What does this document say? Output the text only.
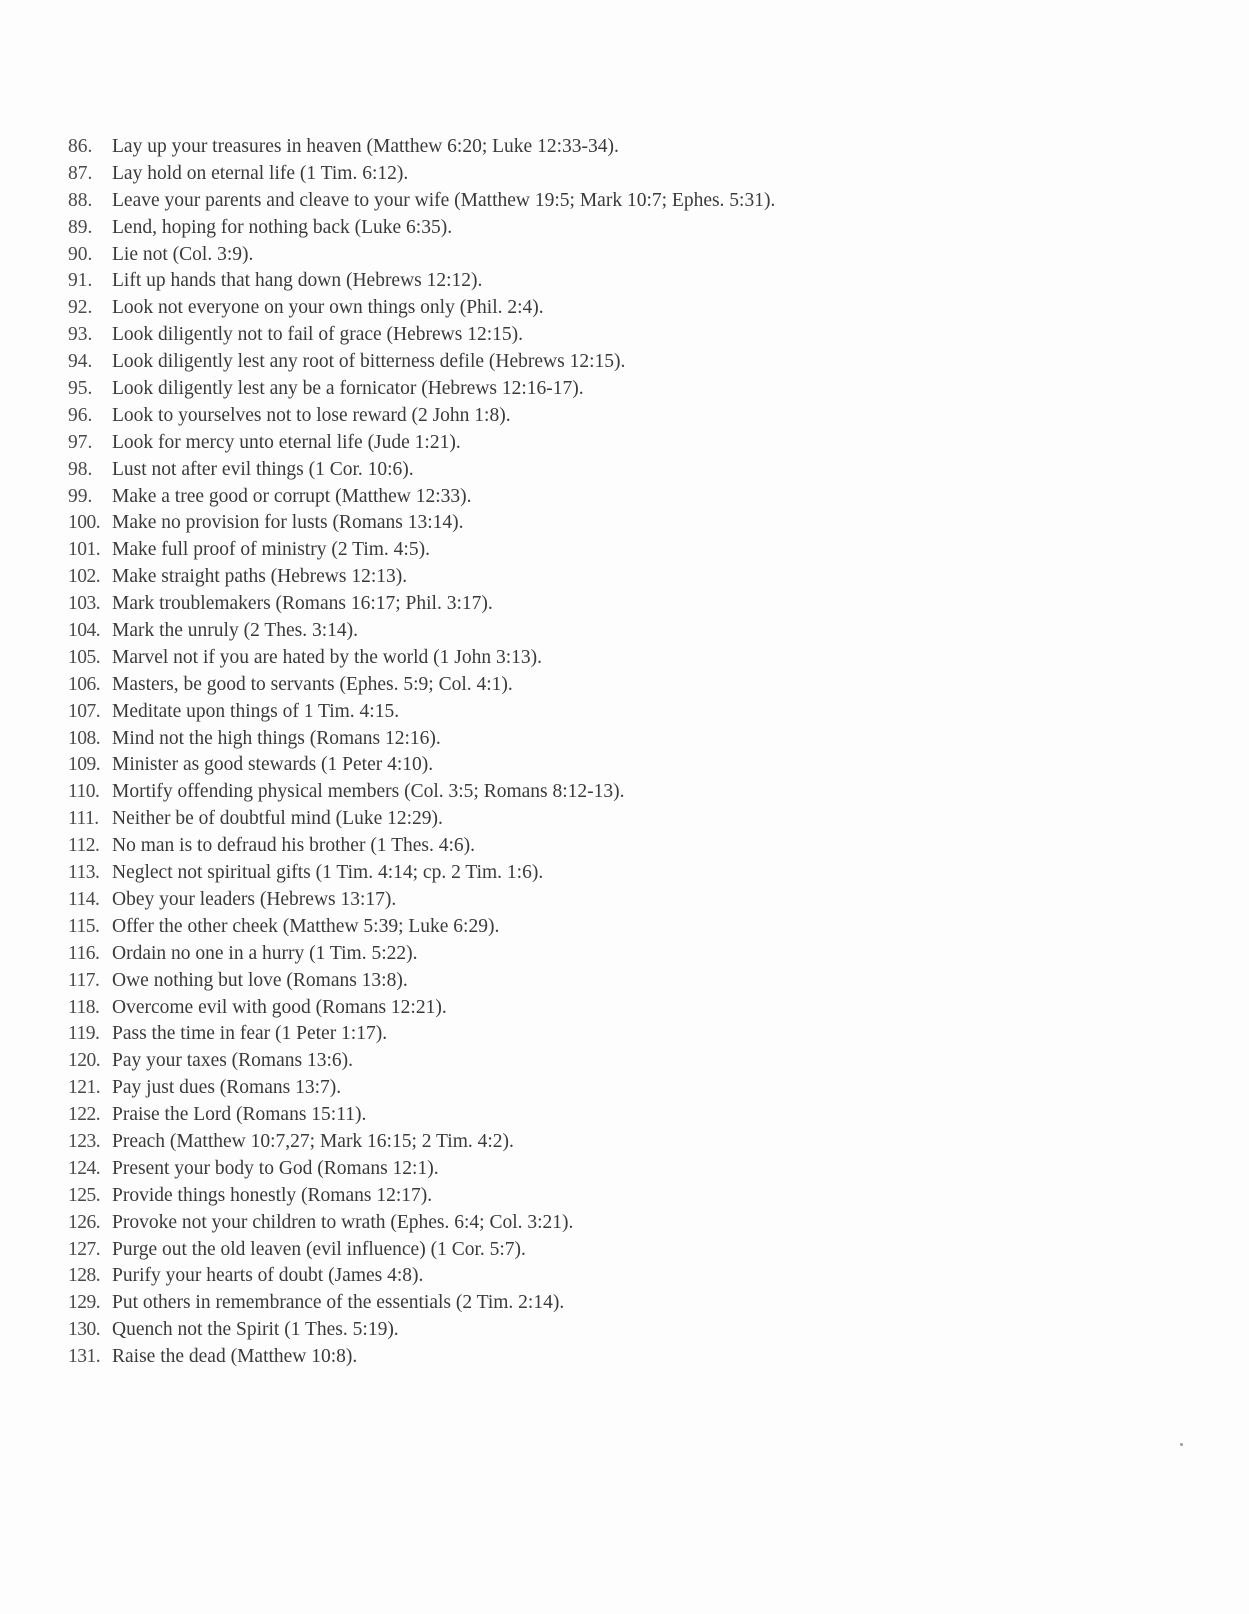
86.	Lay up your treasures in heaven (Matthew 6:20; Luke 12:33-34).
87.	Lay hold on eternal life (1 Tim. 6:12).
88.	Leave your parents and cleave to your wife (Matthew 19:5; Mark 10:7; Ephes. 5:31).
89.	Lend, hoping for nothing back (Luke 6:35).
90.	Lie not (Col. 3:9).
91.	Lift up hands that hang down (Hebrews 12:12).
92.	Look not everyone on your own things only (Phil. 2:4).
93.	Look diligently not to fail of grace (Hebrews 12:15).
94.	Look diligently lest any root of bitterness defile (Hebrews 12:15).
95.	Look diligently lest any be a fornicator (Hebrews 12:16-17).
96.	Look to yourselves not to lose reward (2 John 1:8).
97.	Look for mercy unto eternal life (Jude 1:21).
98.	Lust not after evil things (1 Cor. 10:6).
99.	Make a tree good or corrupt (Matthew 12:33).
100. Make no provision for lusts (Romans 13:14).
101. Make full proof of ministry (2 Tim. 4:5).
102. Make straight paths (Hebrews 12:13).
103. Mark troublemakers (Romans 16:17; Phil. 3:17).
104. Mark the unruly (2 Thes. 3:14).
105. Marvel not if you are hated by the world (1 John 3:13).
106. Masters, be good to servants (Ephes. 5:9; Col. 4:1).
107. Meditate upon things of 1 Tim. 4:15.
108. Mind not the high things (Romans 12:16).
109. Minister as good stewards (1 Peter 4:10).
110. Mortify offending physical members (Col. 3:5; Romans 8:12-13).
111. Neither be of doubtful mind (Luke 12:29).
112. No man is to defraud his brother (1 Thes. 4:6).
113. Neglect not spiritual gifts (1 Tim. 4:14; cp. 2 Tim. 1:6).
114. Obey your leaders (Hebrews 13:17).
115. Offer the other cheek (Matthew 5:39; Luke 6:29).
116. Ordain no one in a hurry (1 Tim. 5:22).
117. Owe nothing but love (Romans 13:8).
118. Overcome evil with good (Romans 12:21).
119. Pass the time in fear (1 Peter 1:17).
120. Pay your taxes (Romans 13:6).
121. Pay just dues (Romans 13:7).
122. Praise the Lord (Romans 15:11).
123. Preach (Matthew 10:7,27; Mark 16:15; 2 Tim. 4:2).
124. Present your body to God (Romans 12:1).
125. Provide things honestly (Romans 12:17).
126. Provoke not your children to wrath (Ephes. 6:4; Col. 3:21).
127. Purge out the old leaven (evil influence) (1 Cor. 5:7).
128. Purify your hearts of doubt (James 4:8).
129. Put others in remembrance of the essentials (2 Tim. 2:14).
130. Quench not the Spirit (1 Thes. 5:19).
131. Raise the dead (Matthew 10:8).
